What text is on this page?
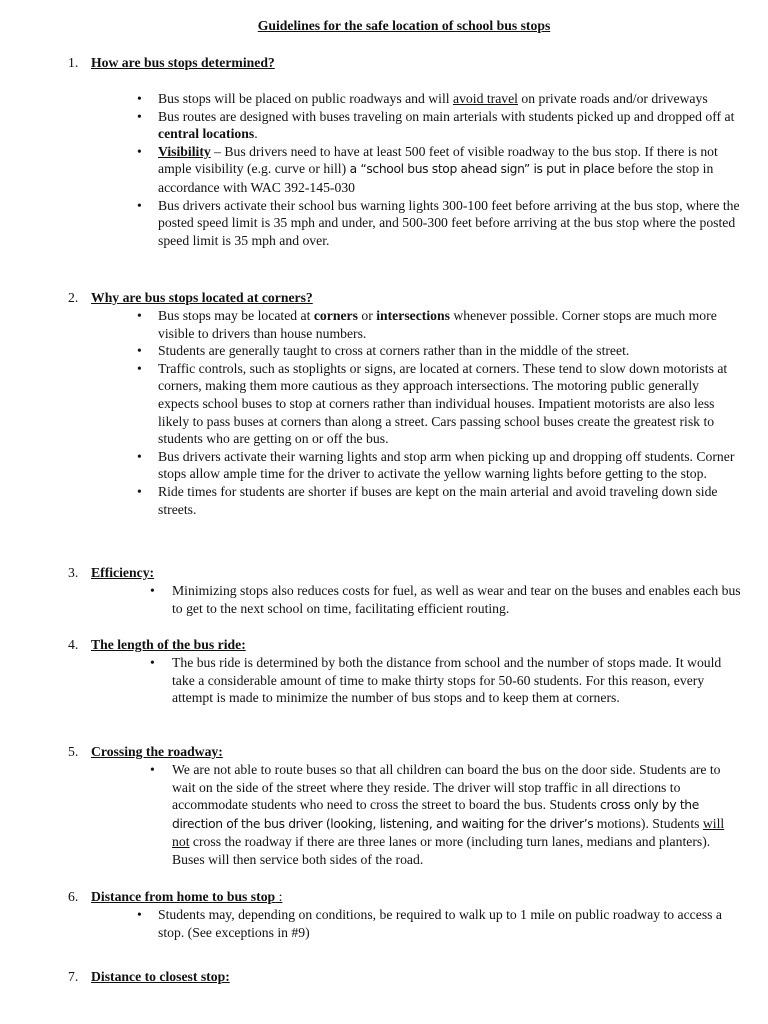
Guidelines for the safe location of school bus stops
1. How are bus stops determined?
• Bus stops will be placed on public roadways and will avoid travel on private roads and/or driveways
• Bus routes are designed with buses traveling on main arterials with students picked up and dropped off at central locations.
• Visibility – Bus drivers need to have at least 500 feet of visible roadway to the bus stop. If there is not ample visibility (e.g. curve or hill) a “school bus stop ahead sign” is put in place before the stop in accordance with WAC 392-145-030
• Bus drivers activate their school bus warning lights 300-100 feet before arriving at the bus stop, where the posted speed limit is 35 mph and under, and 500-300 feet before arriving at the bus stop where the posted speed limit is 35 mph and over.
2. Why are bus stops located at corners?
• Bus stops may be located at corners or intersections whenever possible. Corner stops are much more visible to drivers than house numbers.
• Students are generally taught to cross at corners rather than in the middle of the street.
• Traffic controls, such as stoplights or signs, are located at corners. These tend to slow down motorists at corners, making them more cautious as they approach intersections. The motoring public generally expects school buses to stop at corners rather than individual houses. Impatient motorists are also less likely to pass buses at corners than along a street. Cars passing school buses create the greatest risk to students who are getting on or off the bus.
• Bus drivers activate their warning lights and stop arm when picking up and dropping off students. Corner stops allow ample time for the driver to activate the yellow warning lights before getting to the stop.
• Ride times for students are shorter if buses are kept on the main arterial and avoid traveling down side streets.
3. Efficiency:
• Minimizing stops also reduces costs for fuel, as well as wear and tear on the buses and enables each bus to get to the next school on time, facilitating efficient routing.
4. The length of the bus ride:
• The bus ride is determined by both the distance from school and the number of stops made. It would take a considerable amount of time to make thirty stops for 50-60 students. For this reason, every attempt is made to minimize the number of bus stops and to keep them at corners.
5. Crossing the roadway:
• We are not able to route buses so that all children can board the bus on the door side. Students are to wait on the side of the street where they reside. The driver will stop traffic in all directions to accommodate students who need to cross the street to board the bus. Students cross only by the direction of the bus driver (looking, listening, and waiting for the driver’s motions). Students will not cross the roadway if there are three lanes or more (including turn lanes, medians and planters). Buses will then service both sides of the road.
6. Distance from home to bus stop :
• Students may, depending on conditions, be required to walk up to 1 mile on public roadway to access a stop. (See exceptions in #9)
7. Distance to closest stop:
